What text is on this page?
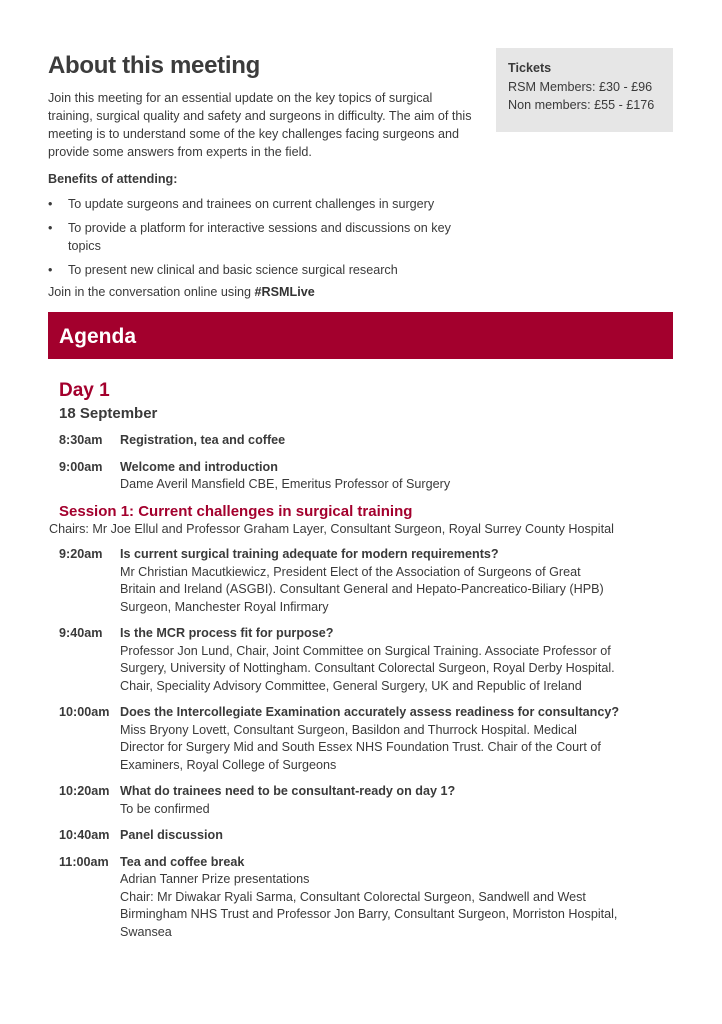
About this meeting

Join this meeting for an essential update on the key topics of surgical training, surgical quality and safety and surgeons in difficulty. The aim of this meeting is to understand some of the key challenges facing surgeons and provide some answers from experts in the field.

Benefits of attending:
• To update surgeons and trainees on current challenges in surgery
• To provide a platform for interactive sessions and discussions on key topics
• To present new clinical and basic science surgical research
Join in the conversation online using #RSMLive
Tickets
RSM Members: £30 - £96
Non members: £55 - £176
Agenda
Day 1
18 September
8:30am	Registration, tea and coffee
9:00am	Welcome and introduction
Dame Averil Mansfield CBE, Emeritus Professor of Surgery
Session 1: Current challenges in surgical training
Chairs: Mr Joe Ellul and Professor Graham Layer, Consultant Surgeon, Royal Surrey County Hospital
9:20am	Is current surgical training adequate for modern requirements?
Mr Christian Macutkiewicz, President Elect of the Association of Surgeons of Great
Britain and Ireland (ASGBI). Consultant General and Hepato-Pancreatico-Biliary (HPB)
Surgeon, Manchester Royal Infirmary
9:40am	Is the MCR process fit for purpose?
Professor Jon Lund, Chair, Joint Committee on Surgical Training. Associate Professor of
Surgery, University of Nottingham. Consultant Colorectal Surgeon, Royal Derby Hospital.
Chair, Speciality Advisory Committee, General Surgery, UK and Republic of Ireland
10:00am Does the Intercollegiate Examination accurately assess readiness for consultancy?
Miss Bryony Lovett, Consultant Surgeon, Basildon and Thurrock Hospital. Medical
Director for Surgery Mid and South Essex NHS Foundation Trust. Chair of the Court of
Examiners, Royal College of Surgeons
10:20am What do trainees need to be consultant-ready on day 1?
To be confirmed
10:40am Panel discussion
11:00am Tea and coffee break
Adrian Tanner Prize presentations
Chair: Mr Diwakar Ryali Sarma, Consultant Colorectal Surgeon, Sandwell and West
Birmingham NHS Trust and Professor Jon Barry, Consultant Surgeon, Morriston Hospital,
Swansea
